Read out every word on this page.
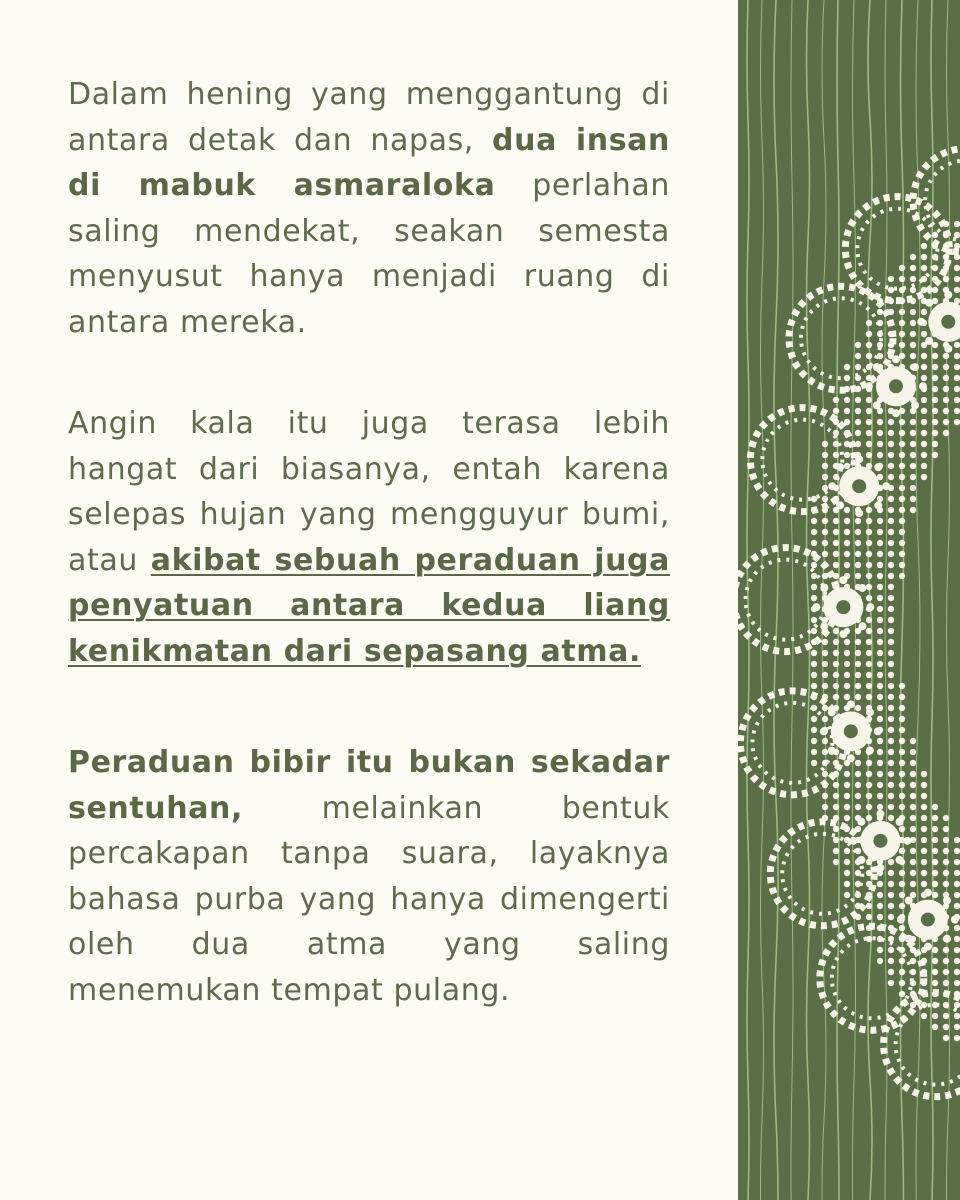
Dalam hening yang menggantung di antara detak dan napas, dua insan di mabuk asmaraloka perlahan saling mendekat, seakan semesta menyusut hanya menjadi ruang di antara mereka.

Angin kala itu juga terasa lebih hangat dari biasanya, entah karena selepas hujan yang mengguyur bumi, atau akibat sebuah peraduan juga penyatuan antara kedua liang kenikmatan dari sepasang atma.

Peraduan bibir itu bukan sekadar sentuhan, melainkan bentuk percakapan tanpa suara, layaknya bahasa purba yang hanya dimengerti oleh dua atma yang saling menemukan tempat pulang.
